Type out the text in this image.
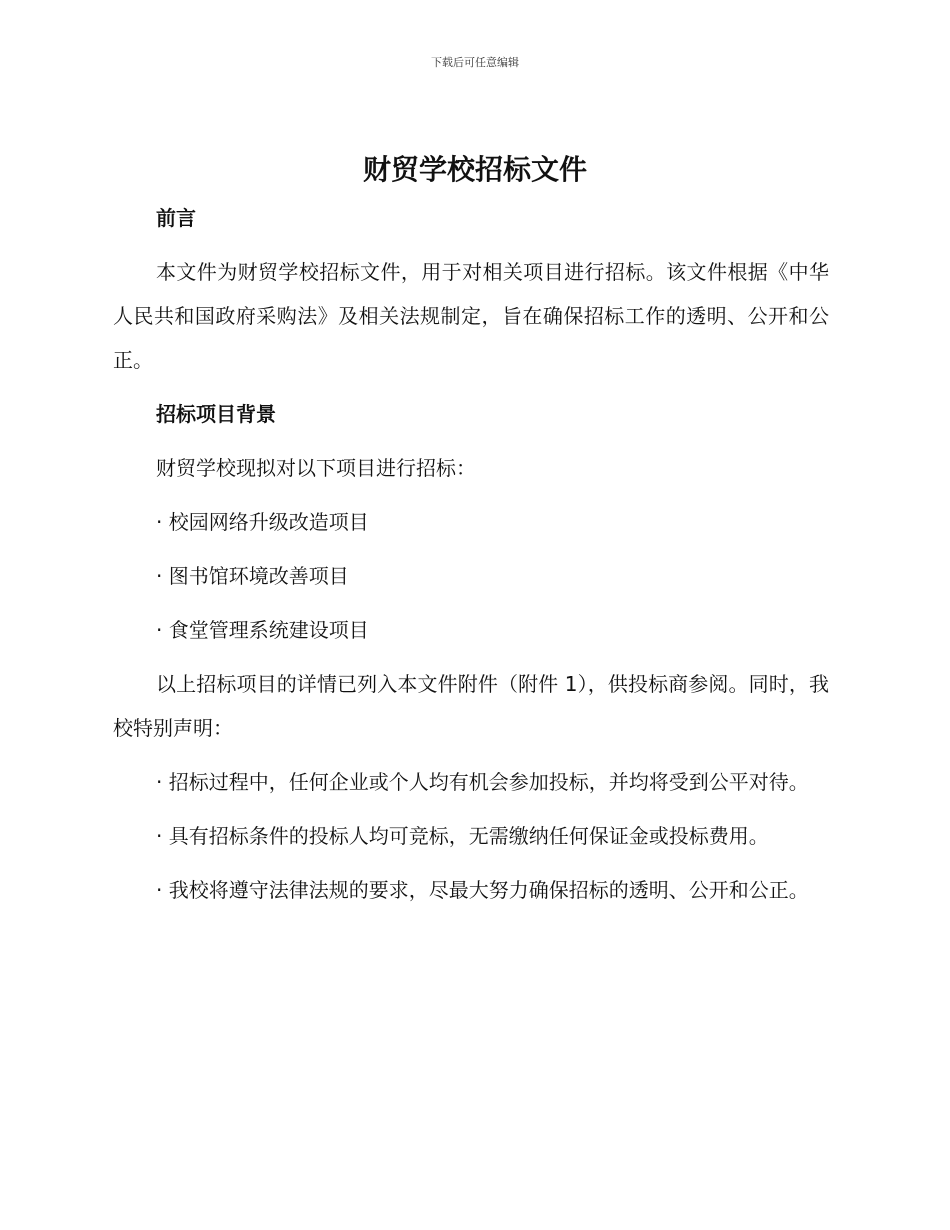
下载后可任意编辑
财贸学校招标文件
前言

本文件为财贸学校招标文件，用于对相关项目进行招标。该文件根据《中华人民共和国政府采购法》及相关法规制定，旨在确保招标工作的透明、公开和公正。

招标项目背景

财贸学校现拟对以下项目进行招标：

· 校园网络升级改造项目

· 图书馆环境改善项目

· 食堂管理系统建设项目

以上招标项目的详情已列入本文件附件（附件 1），供投标商参阅。同时，我校特别声明：

· 招标过程中，任何企业或个人均有机会参加投标，并均将受到公平对待。

· 具有招标条件的投标人均可竞标，无需缴纳任何保证金或投标费用。

· 我校将遵守法律法规的要求，尽最大努力确保招标的透明、公开和公正。
